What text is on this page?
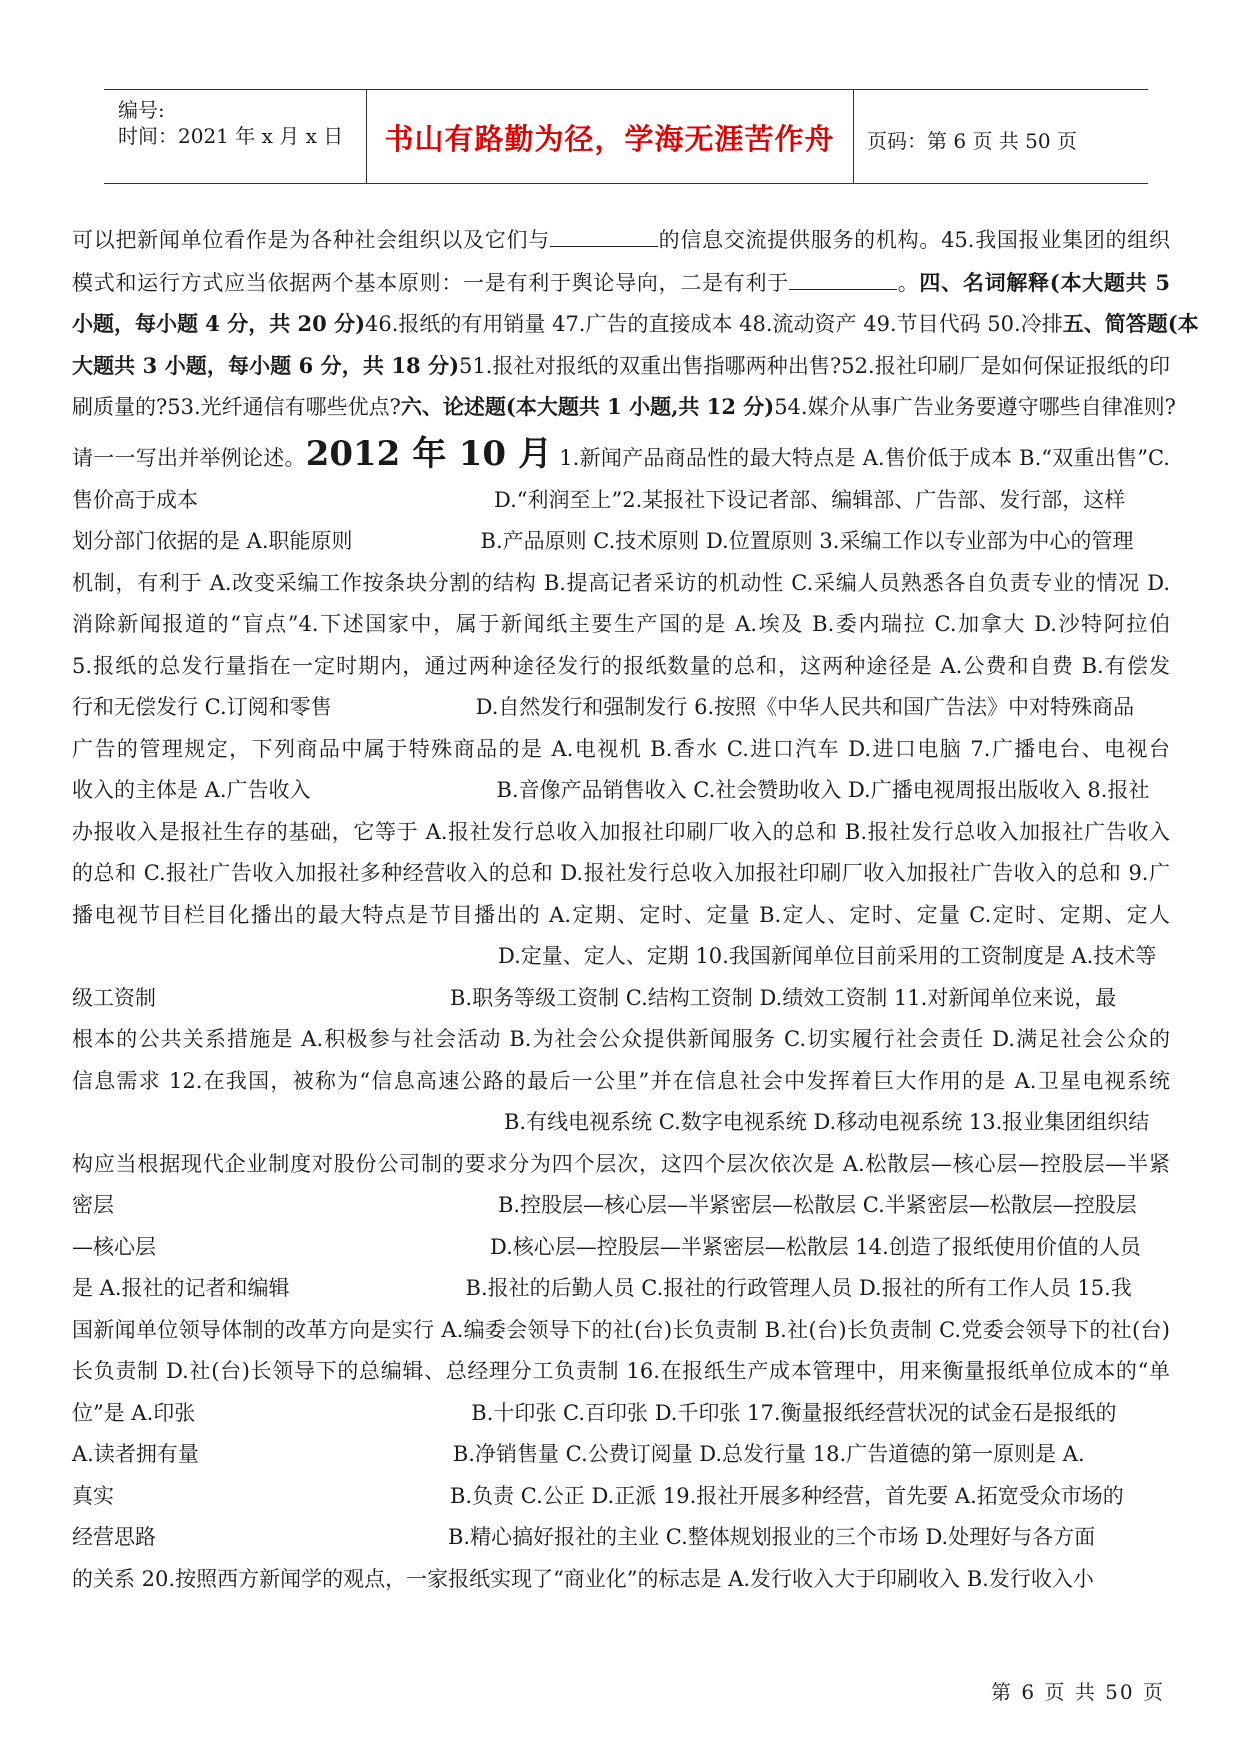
编号:
时间：2021 年 x 月 x 日	书山有路勤为径，学海无涯苦作舟	页码：第 6 页 共 50 页

可以把新闻单位看作是为各种社会组织以及它们与	的信息交流提供服务的机构。45.我国报业集团的组织

模式和运行方式应当依据两个基本原则：一是有利于舆论导向，二是有利于	。四、名词解释(本大题共 5

小题，每小题 4 分，共 20 分)46.报纸的有用销量 47.广告的直接成本 48.流动资产 49.节目代码 50.冷排五、简答题(本

大题共 3 小题，每小题 6 分，共 18 分)51.报社对报纸的双重出售指哪两种出售?52.报社印刷厂是如何保证报纸的印

刷质量的?53.光纤通信有哪些优点?六、论述题(本大题共 1 小题,共 12 分)54.媒介从事广告业务要遵守哪些自律准则?

请一一写出并举例论述。2012 年 10 月 1.新闻产品商品性的最大特点是 A.售价低于成本 B.“双重出售”C.

售价高于成本	D.“利润至上”2.某报社下设记者部、编辑部、广告部、发行部，这样

划分部门依据的是 A.职能原则	B.产品原则 C.技术原则 D.位置原则 3.采编工作以专业部为中心的管理

机制，有利于 A.改变采编工作按条块分割的结构 B.提高记者采访的机动性 C.采编人员熟悉各自负责专业的情况 D.

消除新闻报道的“盲点”4.下述国家中，属于新闻纸主要生产国的是 A.埃及 B.委内瑞拉 C.加拿大 D.沙特阿拉伯

5.报纸的总发行量指在一定时期内，通过两种途径发行的报纸数量的总和，这两种途径是 A.公费和自费 B.有偿发

行和无偿发行 C.订阅和零售	D.自然发行和强制发行 6.按照《中华人民共和国广告法》中对特殊商品

广告的管理规定，下列商品中属于特殊商品的是 A.电视机 B.香水 C.进口汽车 D.进口电脑 7.广播电台、电视台

收入的主体是 A.广告收入	B.音像产品销售收入 C.社会赞助收入 D.广播电视周报出版收入 8.报社

办报收入是报社生存的基础，它等于 A.报社发行总收入加报社印刷厂收入的总和 B.报社发行总收入加报社广告收入

的总和 C.报社广告收入加报社多种经营收入的总和 D.报社发行总收入加报社印刷厂收入加报社广告收入的总和 9.广

播电视节目栏目化播出的最大特点是节目播出的 A.定期、定时、定量 B.定人、定时、定量 C.定时、定期、定人

D.定量、定人、定期 10.我国新闻单位目前采用的工资制度是 A.技术等

级工资制	B.职务等级工资制 C.结构工资制 D.绩效工资制 11.对新闻单位来说，最

根本的公共关系措施是 A.积极参与社会活动 B.为社会公众提供新闻服务 C.切实履行社会责任 D.满足社会公众的

信息需求 12.在我国，被称为“信息高速公路的最后一公里”并在信息社会中发挥着巨大作用的是 A.卫星电视系统

B.有线电视系统 C.数字电视系统 D.移动电视系统 13.报业集团组织结

构应当根据现代企业制度对股份公司制的要求分为四个层次，这四个层次依次是 A.松散层—核心层—控股层—半紧

密层	B.控股层—核心层—半紧密层—松散层 C.半紧密层—松散层—控股层

—核心层	D.核心层—控股层—半紧密层—松散层 14.创造了报纸使用价值的人员

是 A.报社的记者和编辑	B.报社的后勤人员 C.报社的行政管理人员 D.报社的所有工作人员 15.我

国新闻单位领导体制的改革方向是实行 A.编委会领导下的社(台)长负责制 B.社(台)长负责制 C.党委会领导下的社(台)

长负责制 D.社(台)长领导下的总编辑、总经理分工负责制 16.在报纸生产成本管理中，用来衡量报纸单位成本的“单

位”是 A.印张	B.十印张 C.百印张 D.千印张 17.衡量报纸经营状况的试金石是报纸的

A.读者拥有量	B.净销售量 C.公费订阅量 D.总发行量 18.广告道德的第一原则是 A.

真实	B.负责 C.公正 D.正派 19.报社开展多种经营，首先要 A.拓宽受众市场的

经营思路	B.精心搞好报社的主业 C.整体规划报业的三个市场 D.处理好与各方面

的关系 20.按照西方新闻学的观点，一家报纸实现了“商业化”的标志是 A.发行收入大于印刷收入 B.发行收入小

第 6 页 共 50 页
